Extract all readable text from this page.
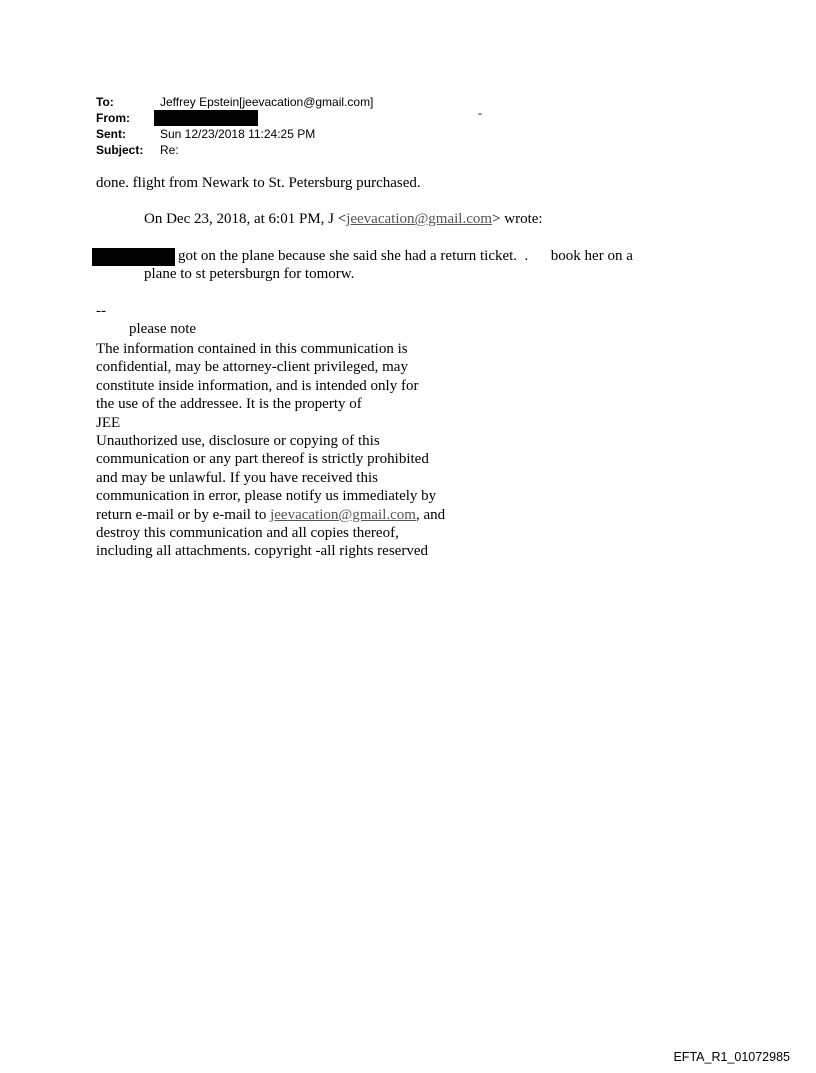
To:	Jeffrey Epstein[jeevacation@gmail.com]
From:
Sent:	Sun 12/23/2018 11:24:25 PM
Subject: Re:
-
done. flight from Newark to St. Petersburg purchased.
On Dec 23, 2018, at 6:01 PM, J <jeevacation@gmail.com> wrote:
got on the plane because she said she had a return ticket.  .      book her on a
plane to st petersburgn for tomorw.
--
please note
The information contained in this communication is
confidential, may be attorney-client privileged, may
constitute inside information, and is intended only for
the use of the addressee. It is the property of
JEE
Unauthorized use, disclosure or copying of this
communication or any part thereof is strictly prohibited
and may be unlawful. If you have received this
communication in error, please notify us immediately by
return e-mail or by e-mail to jeevacation@gmail.com, and
destroy this communication and all copies thereof,
including all attachments. copyright -all rights reserved
EFTA_R1_01072985
